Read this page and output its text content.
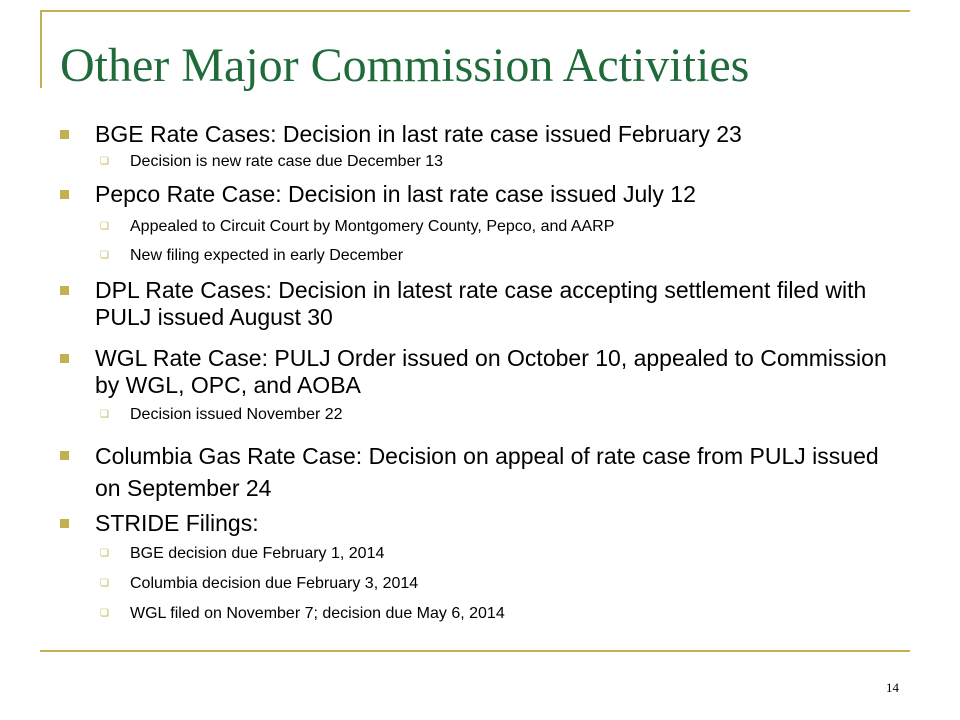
Other Major Commission Activities
BGE Rate Cases: Decision in last rate case issued February 23
❏ Decision is new rate case due December 13
Pepco Rate Case: Decision in last rate case issued July 12
❏ Appealed to Circuit Court by Montgomery County, Pepco, and AARP
❏ New filing expected in early December
DPL Rate Cases: Decision in latest rate case accepting settlement filed with PULJ issued August 30
WGL Rate Case: PULJ Order issued on October 10, appealed to Commission by WGL, OPC, and AOBA
❏ Decision issued November 22
Columbia Gas Rate Case: Decision on appeal of rate case from PULJ issued on September 24
STRIDE Filings:
❏ BGE decision due February 1, 2014
❏ Columbia decision due February 3, 2014
❏ WGL filed on November 7; decision due May 6, 2014
14
